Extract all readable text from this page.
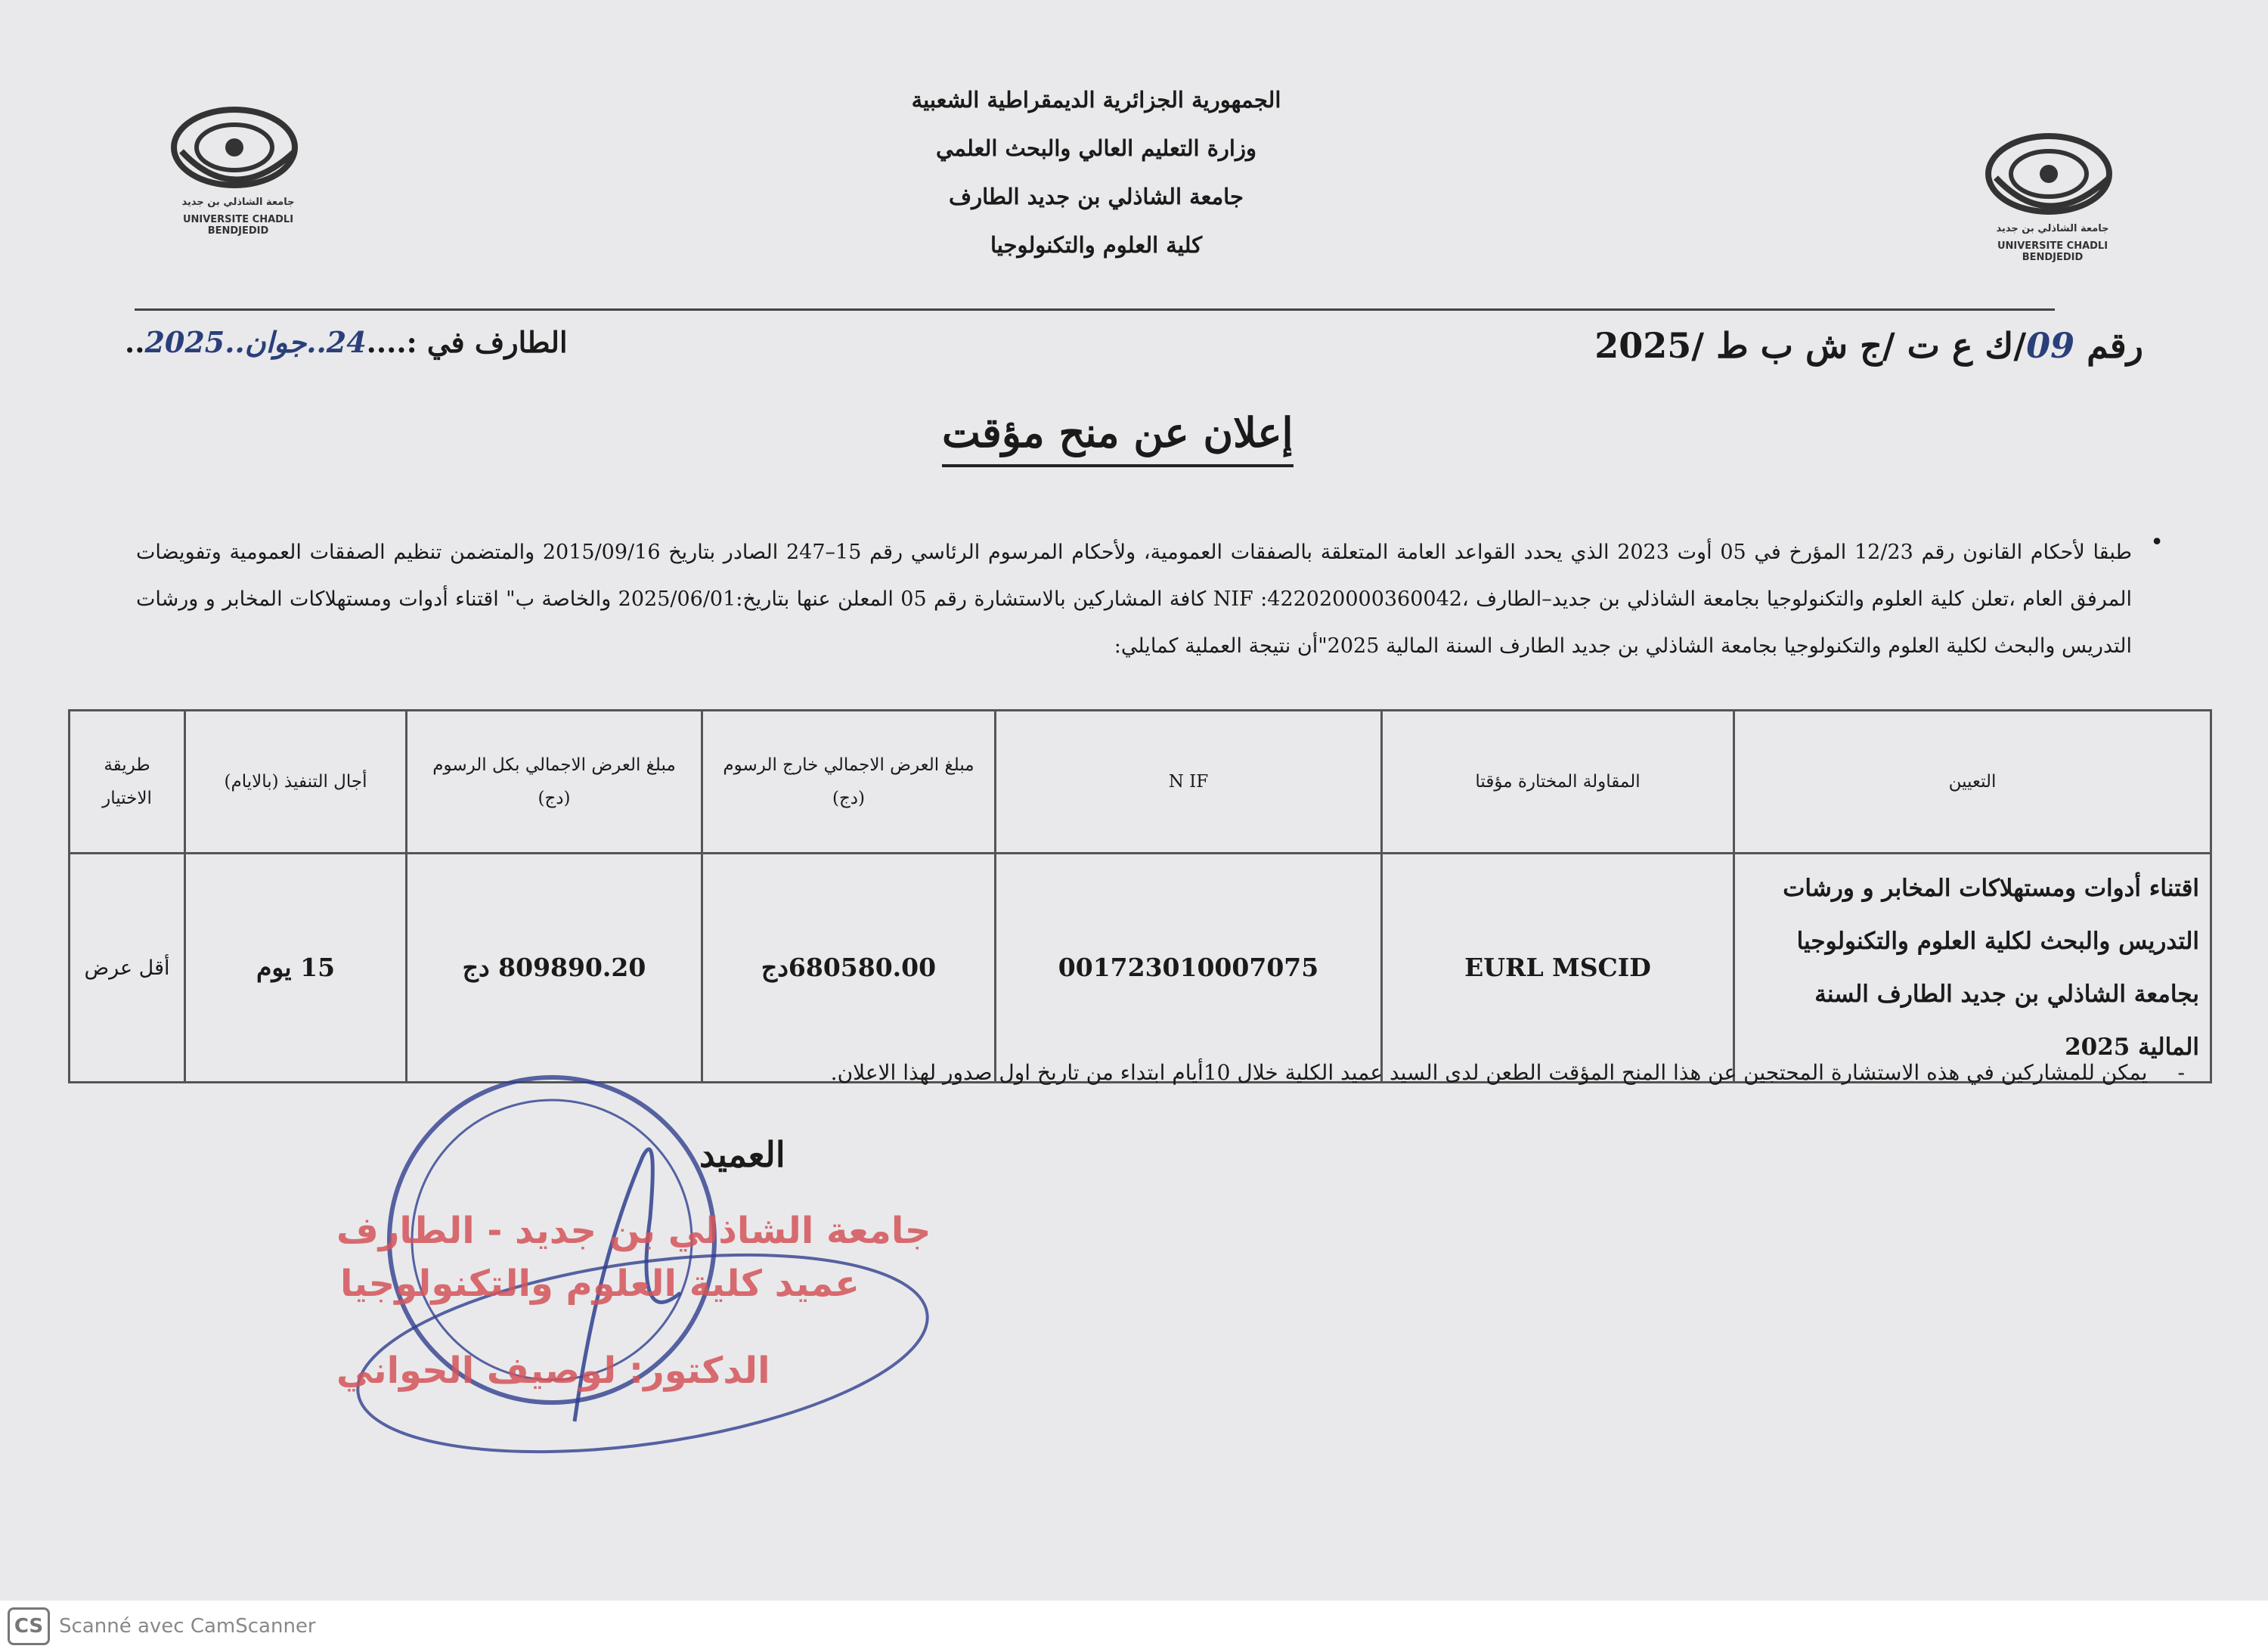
جامعة الشاذلي بن جديد
UNIVERSITE CHADLI BENDJEDID	جامعة الشاذلي بن جديد
UNIVERSITE CHADLI BENDJEDID
الجمهورية الجزائرية الديمقراطية الشعبية
وزارة التعليم العالي والبحث العلمي
جامعة الشاذلي بن جديد الطارف
كلية العلوم والتكنولوجيا
رقم 09/ك ع ت /ج ش ب ط /2025
الطارف في :....24..جوان..2025..
إعلان عن منح مؤقت
•
طبقا لأحكام القانون رقم 12/23 المؤرخ في 05 أوت 2023 الذي يحدد القواعد العامة المتعلقة بالصفقات العمومية، ولأحكام المرسوم الرئاسي رقم 15–247 الصادر بتاريخ 2015/09/16 والمتضمن تنظيم الصفقات العمومية وتفويضات المرفق العام ،تعلن كلية العلوم والتكنولوجيا بجامعة الشاذلي بن جديد–الطارف ،NIF :422020000360042 كافة المشاركين بالاستشارة رقم 05 المعلن عنها بتاريخ:2025/06/01 والخاصة ب" اقتناء أدوات ومستهلاكات المخابر و ورشات التدريس والبحث لكلية العلوم والتكنولوجيا بجامعة الشاذلي بن جديد الطارف السنة المالية 2025"أن نتيجة العملية كمايلي:
التعيين	المقاولة المختارة مؤقتا	N IF	مبلغ العرض الاجمالي خارج الرسوم (دج)	مبلغ العرض الاجمالي بكل الرسوم (دج)	أجال التنفيذ (بالايام)	طريقة الاختيار
اقتناء أدوات ومستهلاكات المخابر و ورشات التدريس والبحث لكلية العلوم والتكنولوجيا بجامعة الشاذلي بن جديد الطارف السنة المالية 2025	EURL MSCID	001723010007075	680580.00دج	809890.20 دج	15 يوم	أقل عرض
-يمكن للمشاركين في هذه الاستشارة المحتجين عن هذا المنح المؤقت الطعن لدى السيد عميد الكلية خلال 10أيام ابتداء من تاريخ اول صدور لهذا الاعلان.
جامعة الشاذلي بن جديد - الطارف
عميد كلية العلوم والتكنولوجيا
الدكتور: لوصيف الحواني
العميد
CS Scanné avec CamScanner
